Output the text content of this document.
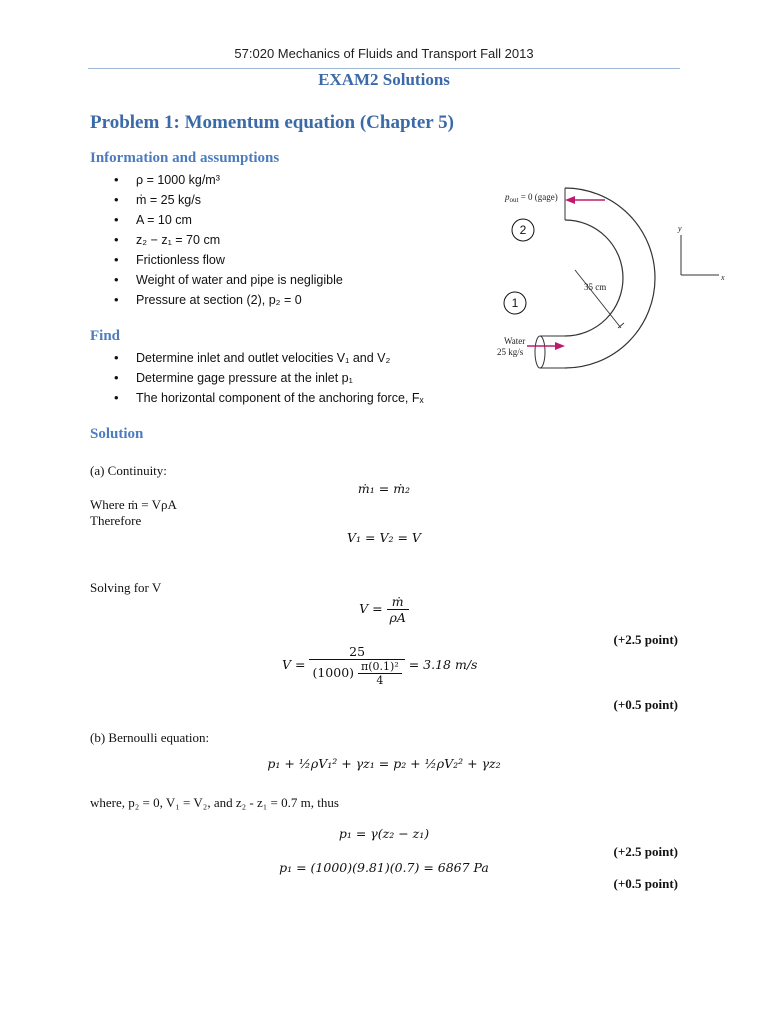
57:020 Mechanics of Fluids and Transport Fall 2013
EXAM2 Solutions
Problem 1: Momentum equation (Chapter 5)
Information and assumptions
• ρ = 1000 kg/m³
• ṁ = 25 kg/s
• A = 10 cm
• z₂ − z₁ = 70 cm
• Frictionless flow
• Weight of water and pipe is negligible
• Pressure at section (2), p₂ = 0
Find
• Determine inlet and outlet velocities V₁ and V₂
• Determine gage pressure at the inlet p₁
• The horizontal component of the anchoring force, Fₓ
$p_{out} = 0$ (gage)
35 cm
Water
25 kg/s
y
x
2
1
Solution
(a) Continuity:
ṁ₁ = ṁ₂
Where ṁ = VρA
Therefore
V₁ = V₂ = V
Solving for V
$V = \frac{\text{ṁ}}{\rho A}$
(+2.5 point)
$V = \frac{25}{(1000) \frac{\text{π(0.1)²}}{4}} = 3.18$ m/s
(+0.5 point)
(b) Bernoulli equation:
p₁ + ½ρV₁² + γz₁ = p₂ + ½ρV₂² + γz₂
where, p₂ = 0, V₁ = V₂, and z₂ - z₁ = 0.7 m, thus
p₁ = γ(z₂ − z₁)
(+2.5 point)
p₁ = (1000)(9.81)(0.7) = 6867 Pa
(+0.5 point)
